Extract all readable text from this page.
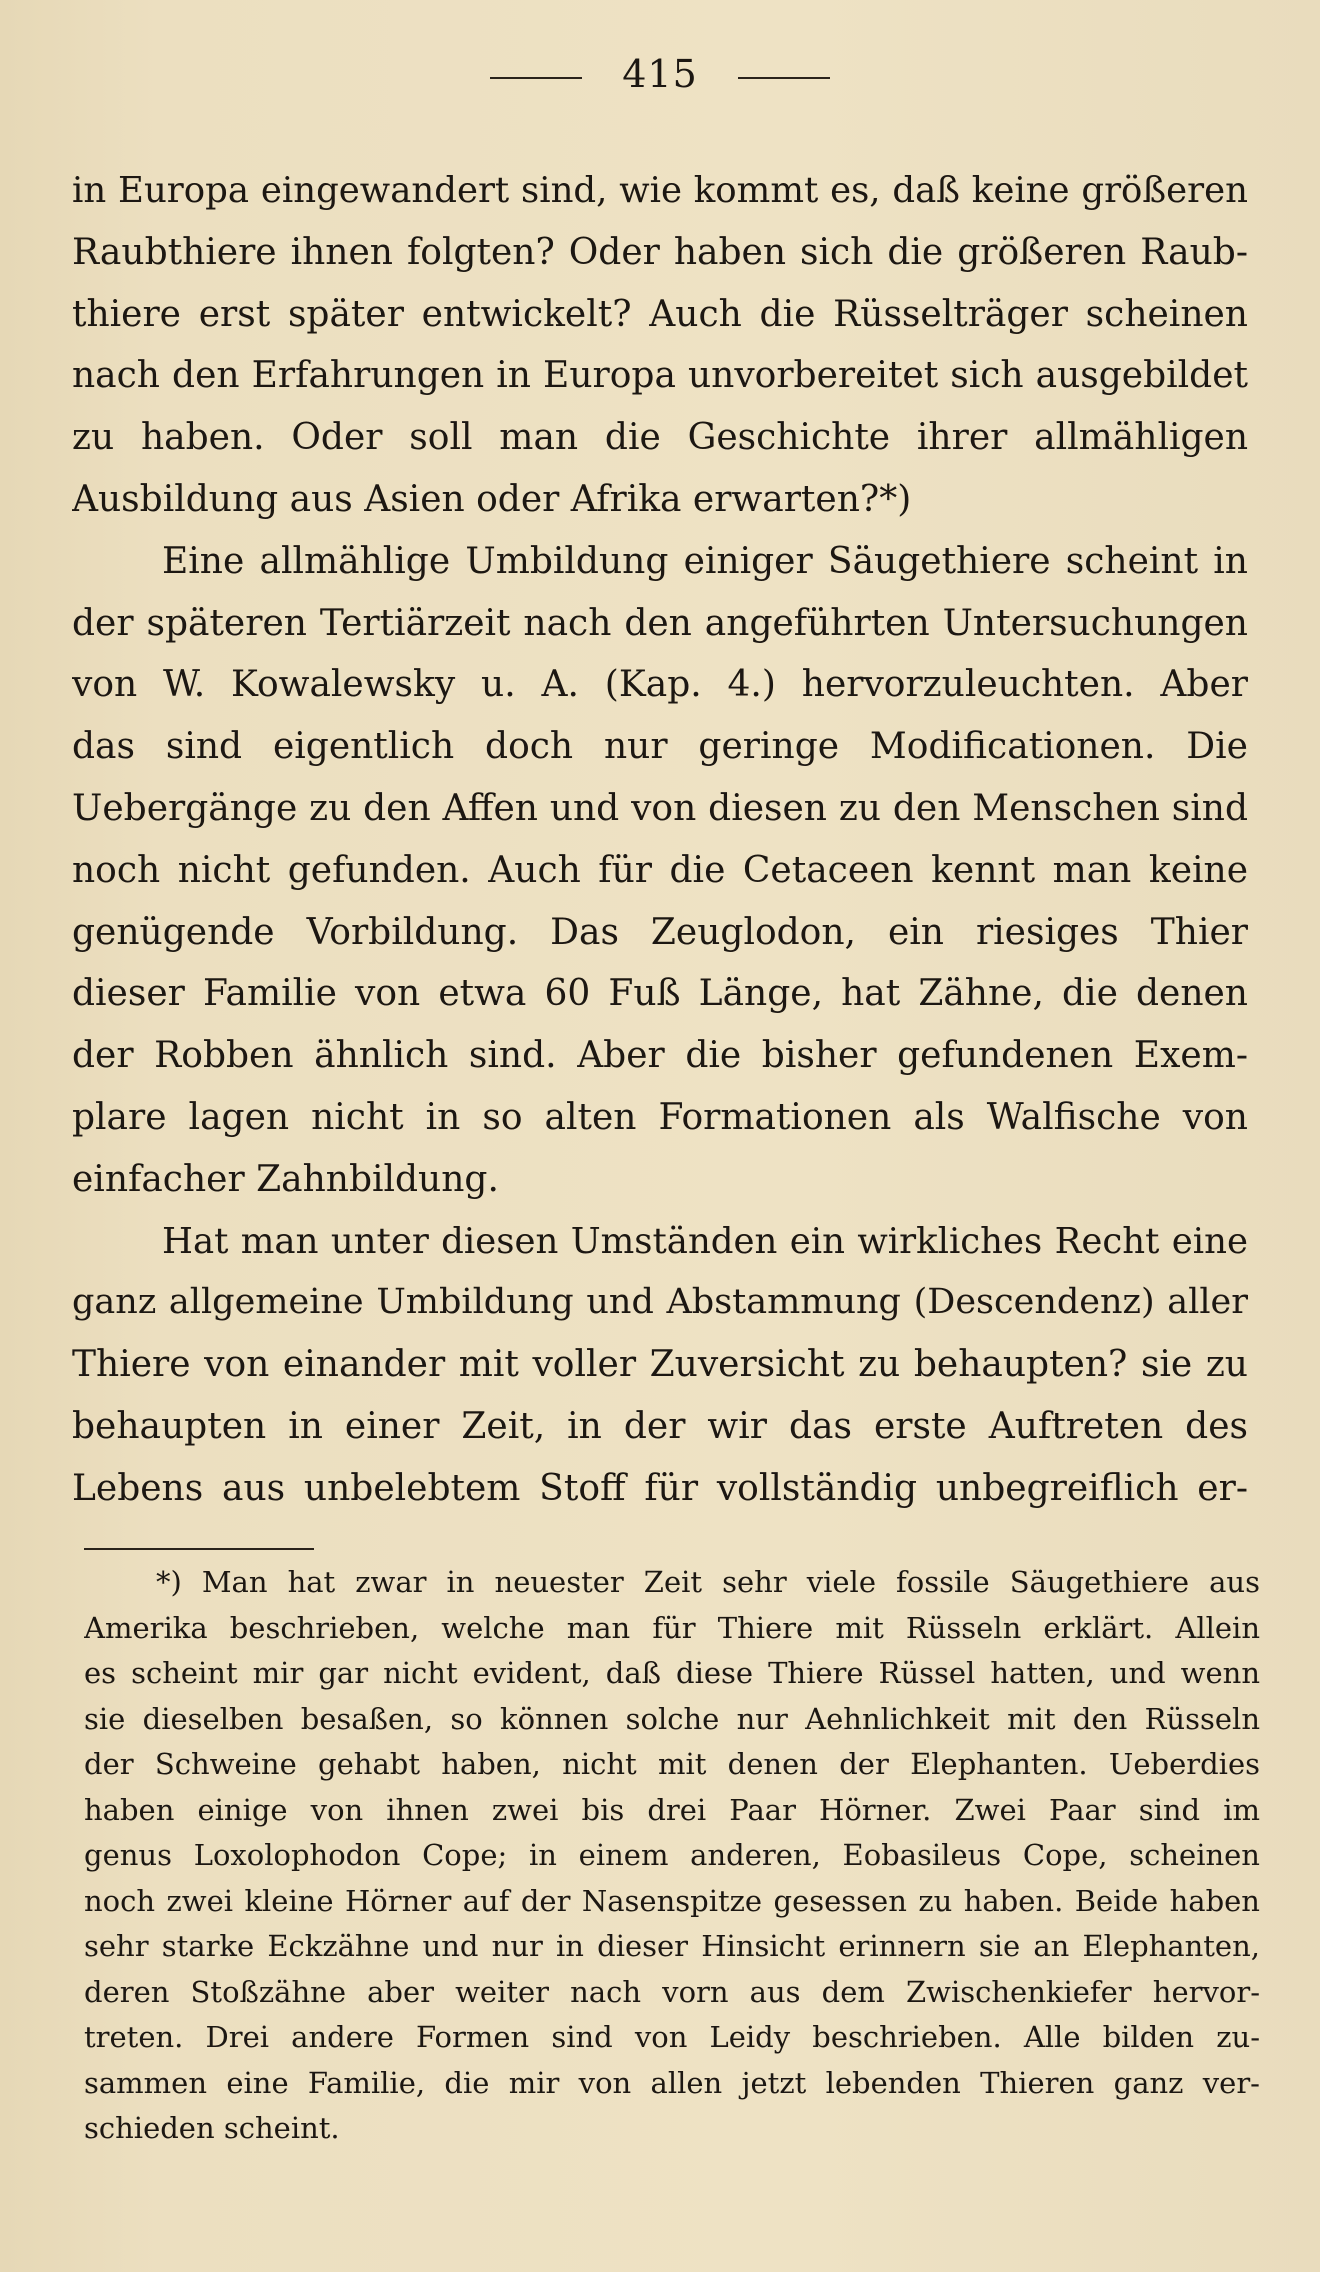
415
in Europa eingewandert sind, wie kommt es, daß keine größeren
Raubthiere ihnen folgten? Oder haben sich die größeren Raub-
thiere erst später entwickelt? Auch die Rüsselträger scheinen
nach den Erfahrungen in Europa unvorbereitet sich ausgebildet
zu haben. Oder soll man die Geschichte ihrer allmähligen
Ausbildung aus Asien oder Afrika erwarten?*)
Eine allmählige Umbildung einiger Säugethiere scheint in
der späteren Tertiärzeit nach den angeführten Untersuchungen
von W. Kowalewsky u. A. (Kap. 4.) hervorzuleuchten. Aber
das sind eigentlich doch nur geringe Modificationen. Die
Uebergänge zu den Affen und von diesen zu den Menschen sind
noch nicht gefunden. Auch für die Cetaceen kennt man keine
genügende Vorbildung. Das Zeuglodon, ein riesiges Thier
dieser Familie von etwa 60 Fuß Länge, hat Zähne, die denen
der Robben ähnlich sind. Aber die bisher gefundenen Exem-
plare lagen nicht in so alten Formationen als Walfische von
einfacher Zahnbildung.
Hat man unter diesen Umständen ein wirkliches Recht eine
ganz allgemeine Umbildung und Abstammung (Descendenz) aller
Thiere von einander mit voller Zuversicht zu behaupten? sie zu
behaupten in einer Zeit, in der wir das erste Auftreten des
Lebens aus unbelebtem Stoff für vollständig unbegreiflich er-
*) Man hat zwar in neuester Zeit sehr viele fossile Säugethiere aus
Amerika beschrieben, welche man für Thiere mit Rüsseln erklärt. Allein
es scheint mir gar nicht evident, daß diese Thiere Rüssel hatten, und wenn
sie dieselben besaßen, so können solche nur Aehnlichkeit mit den Rüsseln
der Schweine gehabt haben, nicht mit denen der Elephanten. Ueberdies
haben einige von ihnen zwei bis drei Paar Hörner. Zwei Paar sind im
genus Loxolophodon Cope; in einem anderen, Eobasileus Cope, scheinen
noch zwei kleine Hörner auf der Nasenspitze gesessen zu haben. Beide haben
sehr starke Eckzähne und nur in dieser Hinsicht erinnern sie an Elephanten,
deren Stoßzähne aber weiter nach vorn aus dem Zwischenkiefer hervor-
treten. Drei andere Formen sind von Leidy beschrieben. Alle bilden zu-
sammen eine Familie, die mir von allen jetzt lebenden Thieren ganz ver-
schieden scheint.
